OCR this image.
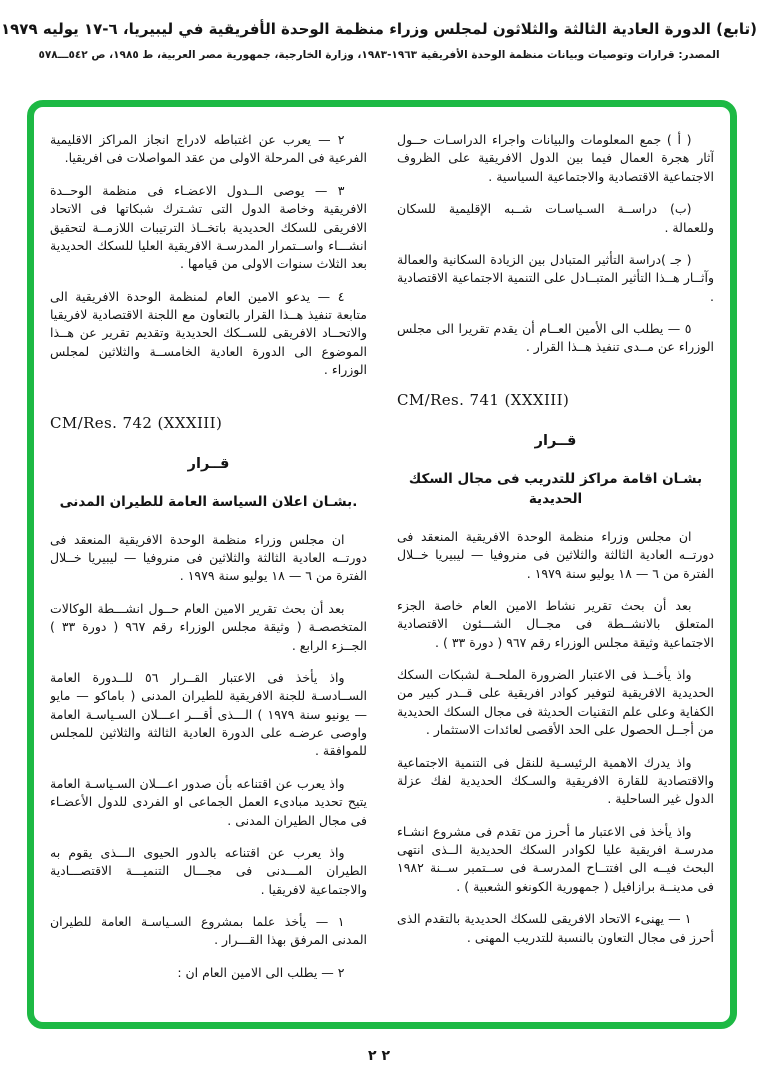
(تابع) الدورة العادية الثالثة والثلاثون لمجلس وزراء منظمة الوحدة الأفريقية في ليبيريا، ٦-١٧ يوليه ١٩٧٩
المصدر: قرارات وتوصيات وبيانات منظمة الوحدة الأفريقية ١٩٦٣-١٩٨٣، وزارة الخارجية، جمهورية مصر العربية، ط ١٩٨٥، ص ٥٤٢ـــ٥٧٨

( أ ) جمع المعلومات والبيانات واجراء الدراسـات حــول آثار هجرة العمال فيما بين الدول الافريقية على الظروف الاجتماعية الاقتصادية والاجتماعية السياسية .

(ب) دراســة السـياسـات شــبه الإقليمية للسكان وللعمالة .

( جـ )دراسة التأثير المتبادل بين الزيادة السكانية والعمالة وآثــار هــذا التأثير المتبــادل على التنمية الاجتماعية الاقتصادية .

٥ — يطلب الى الأمين العــام أن يقدم تقريرا الى مجلس الوزراء عن مــدى تنفيذ هــذا القرار .

CM/Res. 741 (XXXIII)
قــرار
بشـان اقامة مراكز للتدريب فى مجال السكك الحديدية

ان مجلس وزراء منظمة الوحدة الافريقية المنعقد فى دورتــه العادية الثالثة والثلاثين فى منروفيا — ليبيريا خــلال الفترة من ٦ — ١٨ يوليو سنة ١٩٧٩ .

بعد أن بحث تقرير نشاط الامين العام خاصة الجزء المتعلق بالانشــطة فى مجــال الشـــئون الاقتصادية الاجتماعية وثيقة مجلس الوزراء رقم ٩٦٧ ( دورة ٣٣ ) .

واذ يأخــذ فى الاعتبار الضرورة الملحــة لشبكات السكك الحديدية الافريقية لتوفير كوادر افريقية على قــدر كبير من الكفاية وعلى علم التقنيات الحديثة فى مجال السكك الحديدية من أجــل الحصول على الحد الأقصى لعائدات الاستثمار .

واذ يدرك الاهمية الرئيسـية للنقل فى التنمية الاجتماعية والاقتصادية للقارة الافريقية والسـكك الحديدية لفك عزلة الدول غير الساحلية .

واذ يأخذ فى الاعتبار ما أحرز من تقدم فى مشروع انشـاء مدرسـة افريقية عليا لكوادر السكك الحديدية الــذى انتهى البحث فيــه الى افتتــاح المدرسـة فى ســتمبر ســنة ١٩٨٢ فى مدينــة برازافيل ( جمهورية الكونغو الشعبية ) .

١ — يهنىء الاتحاد الافريقى للسكك الحديدية بالتقدم الذى أحرز فى مجال التعاون بالنسبة للتدريب المهنى .

٢ — يعرب عن اغتباطه لادراج انجاز المراكز الاقليمية الفرعية فى المرحلة الاولى من عقد المواصلات فى افريقيا.

٣ — يوصى الــدول الاعضـاء فى منظمة الوحــدة الافريقية وخاصة الدول التى تشـترك شبكاتها فى الاتحاد الافريقى للسكك الحديدية باتخــاذ الترتيبات اللازمــة لتحقيق انشـــاء واســتمرار المدرسـة الافريقية العليا للسكك الحديدية بعد الثلاث سنوات الاولى من قيامها .

٤ — يدعو الامين العام لمنظمة الوحدة الافريقية الى متابعة تنفيذ هــذا القرار بالتعاون مع اللجنة الاقتصادية لافريقيا والاتحــاد الافريقى للســكك الحديدية وتقديم تقرير عن هــذا الموضوع الى الدورة العادية الخامســة والثلاثين لمجلس الوزراء .

CM/Res. 742 (XXXIII)
قــرار
.بشـان اعلان السياسة العامة للطيران المدنى

ان مجلس وزراء منظمة الوحدة الافريقية المنعقد فى دورتــه العادية الثالثة والثلاثين فى منروفيا — ليبيريا خــلال الفترة من ٦ — ١٨ يوليو سنة ١٩٧٩ .

بعد أن بحث تقرير الامين العام حــول انشـــطة الوكالات المتخصصـة ( وثيقة مجلس الوزراء رقم ٩٦٧ ( دورة ٣٣ ) الجــزء الرابع .

واذ يأخذ فى الاعتبار القــرار ٥٦ للــدورة العامة الســادسـة للجنة الافريقية للطيران المدنى ( باماكو — مايو — يونيو سنة ١٩٧٩ ) الـــذى أقـــر اعـــلان السـياسـة العامة واوصى عرضـه على الدورة العادية الثالثة والثلاثين للمجلس للموافقة .

واذ يعرب عن اقتناعه بأن صدور اعـــلان السـياسـة العامة يتيح تحديد مبادىء العمل الجماعى او الفردى للدول الأعضـاء فى مجال الطيران المدنى .

واذ يعرب عن اقتناعه بالدور الحيوى الـــذى يقوم به الطيران المـــدنى فى مجـــال التنميـــة الاقتصـــادية والاجتماعية لافريقيا .

١ — يأخذ علما بمشروع السـياسـة العامة للطيران المدنى المرفق بهذا القـــرار .

٢ — يطلب الى الامين العام ان :

٢ ٢
